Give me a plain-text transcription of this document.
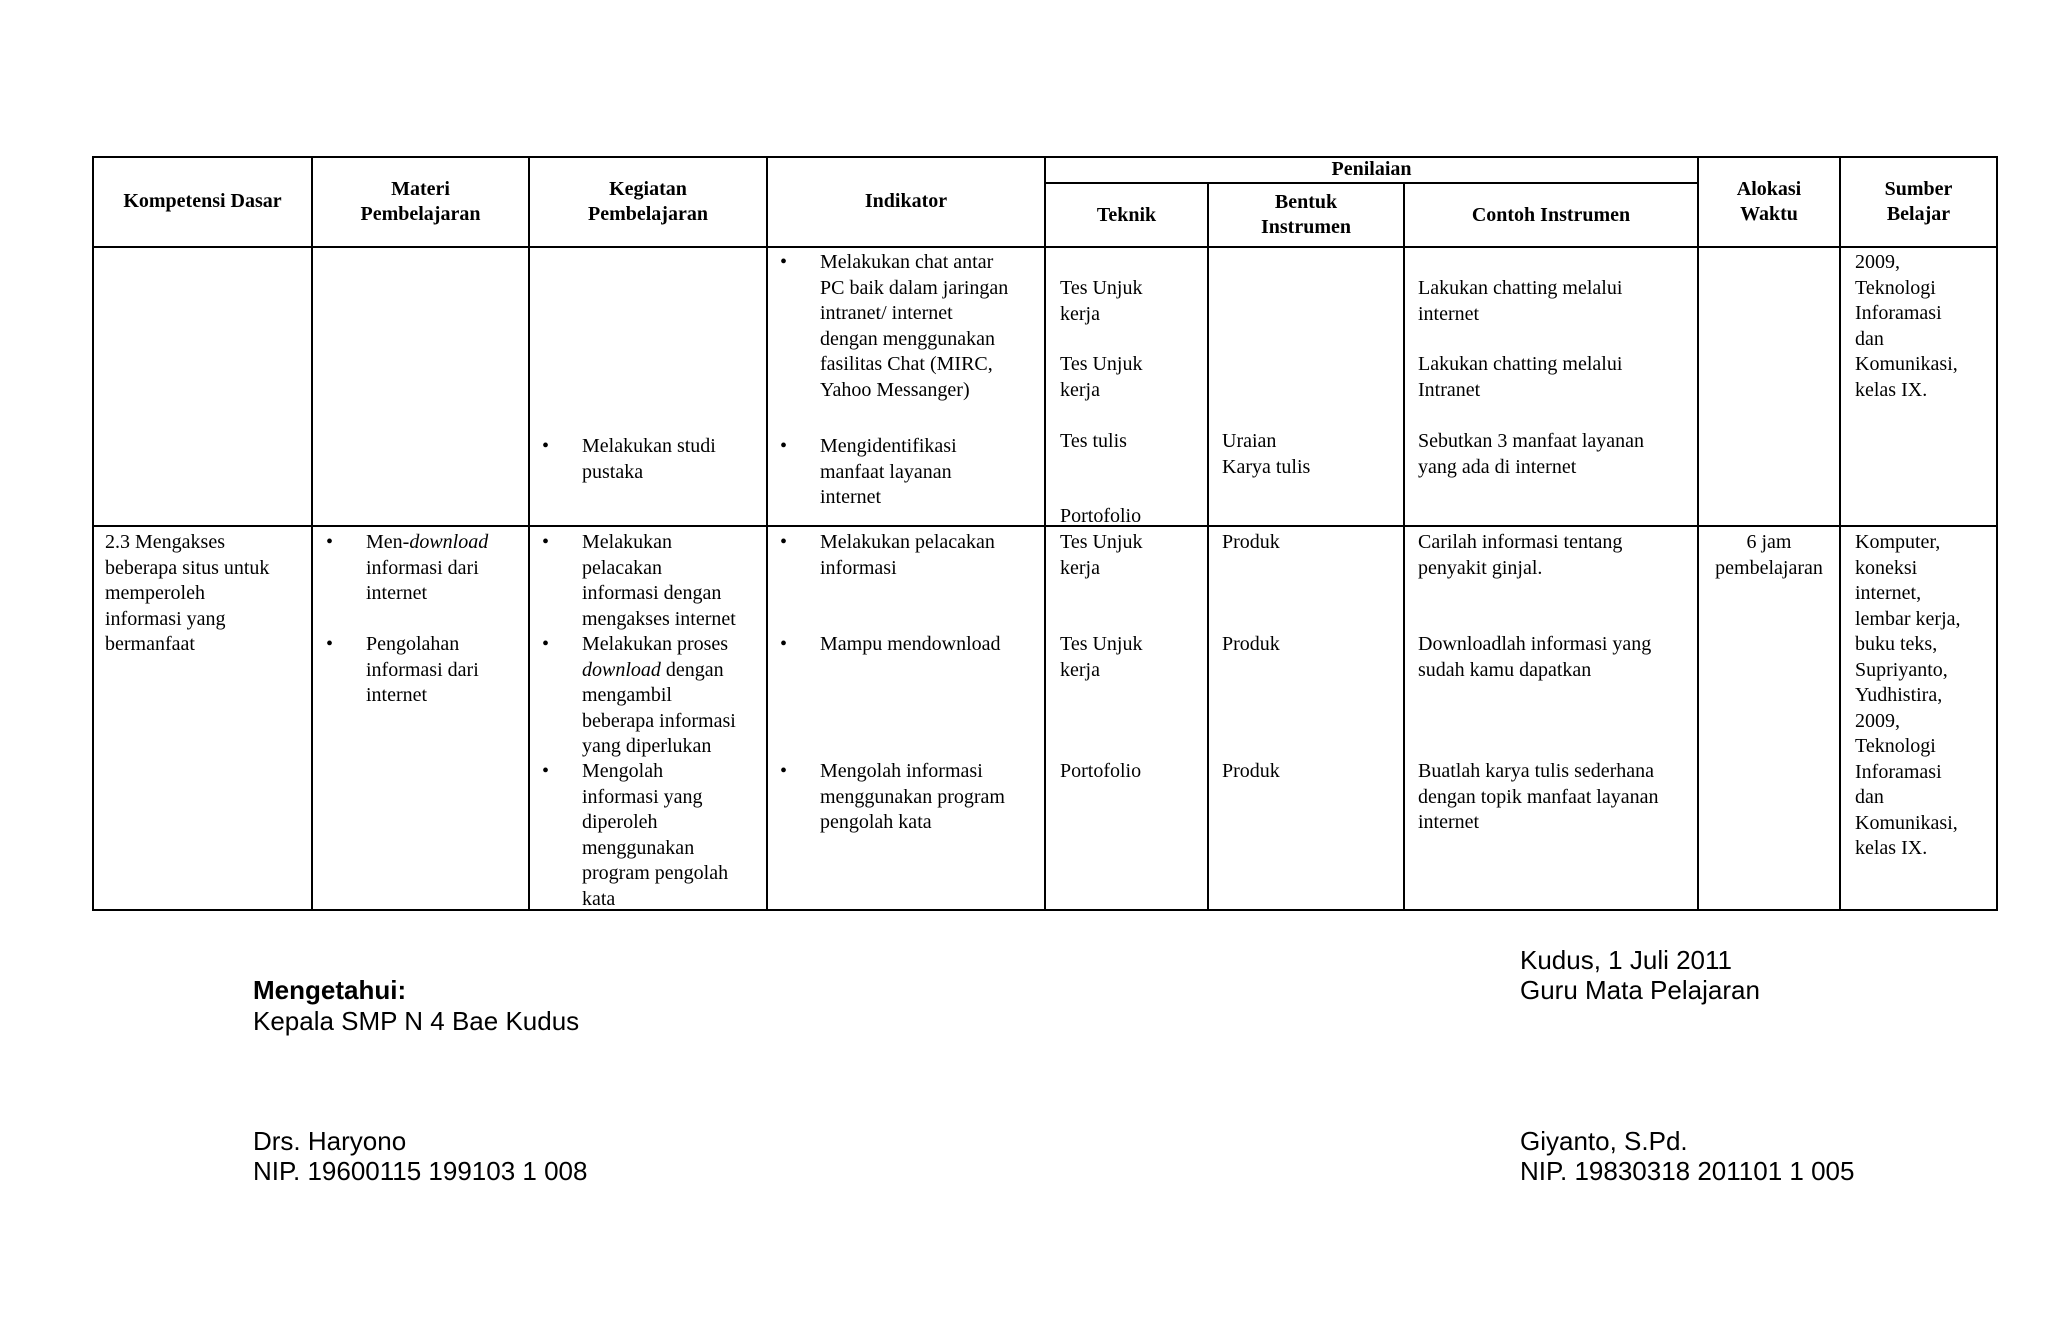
Kompetensi Dasar
Materi
Pembelajaran
Kegiatan
Pembelajaran
Indikator
Penilaian
Teknik
Bentuk
Instrumen
Contoh Instrumen
Alokasi
Waktu
Sumber
Belajar
• Melakukan studi
pustaka
• Melakukan chat antar
PC baik dalam jaringan
intranet/ internet
dengan menggunakan
fasilitas Chat (MIRC,
Yahoo Messanger)
• Mengidentifikasi
manfaat layanan
internet
Tes Unjuk
kerja
Tes Unjuk
kerja
Tes tulis
Portofolio
Uraian
Karya tulis
Lakukan chatting melalui
internet
Lakukan chatting melalui
Intranet
Sebutkan 3 manfaat layanan
yang ada di internet
2009,
Teknologi
Inforamasi
dan
Komunikasi,
kelas IX.
2.3 Mengakses
beberapa situs untuk
memperoleh
informasi yang
bermanfaat
• Men-download
informasi dari
internet
• Pengolahan
informasi dari
internet
• Melakukan
pelacakan
informasi dengan
mengakses internet
• Melakukan proses
download dengan
mengambil
beberapa informasi
yang diperlukan
• Mengolah
informasi yang
diperoleh
menggunakan
program pengolah
kata
• Melakukan pelacakan
informasi
• Mampu mendownload
• Mengolah informasi
menggunakan program
pengolah kata
Tes Unjuk
kerja
Tes Unjuk
kerja
Portofolio
Produk
Produk
Produk
Carilah informasi tentang
penyakit ginjal.
Downloadlah informasi yang
sudah kamu dapatkan
Buatlah karya tulis sederhana
dengan topik manfaat layanan
internet
6 jam
pembelajaran
Komputer,
koneksi
internet,
lembar kerja,
buku teks,
Supriyanto,
Yudhistira,
2009,
Teknologi
Inforamasi
dan
Komunikasi,
kelas IX.
Mengetahui:
Kepala SMP N 4 Bae Kudus
Drs. Haryono
NIP. 19600115 199103 1 008
Kudus, 1 Juli 2011
Guru Mata Pelajaran
Giyanto, S.Pd.
NIP. 19830318 201101 1 005
